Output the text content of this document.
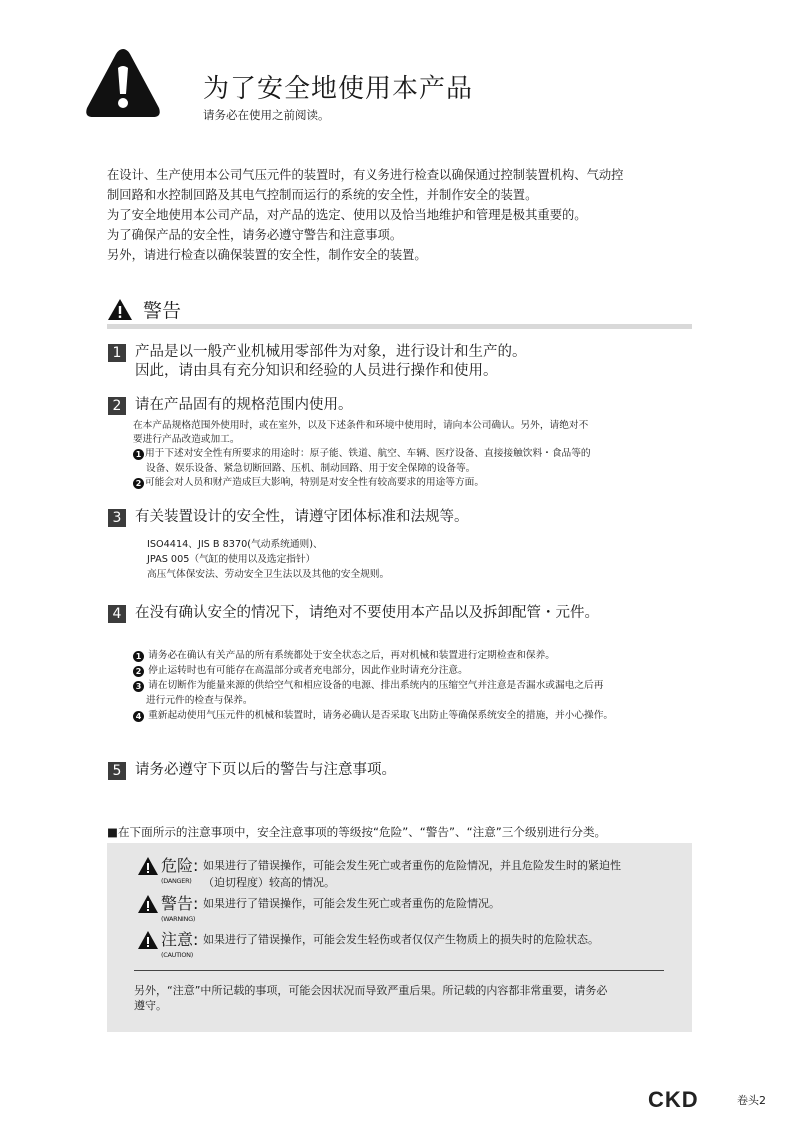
为了安全地使用本产品
请务必在使用之前阅读。
在设计、生产使用本公司气压元件的装置时，有义务进行检查以确保通过控制装置机构、气动控
制回路和水控制回路及其电气控制而运行的系统的安全性，并制作安全的装置。
为了安全地使用本公司产品，对产品的选定、使用以及恰当地维护和管理是极其重要的。
为了确保产品的安全性，请务必遵守警告和注意事项。
另外，请进行检查以确保装置的安全性，制作安全的装置。
警告
1 产品是以一般产业机械用零部件为对象，进行设计和生产的。
因此，请由具有充分知识和经验的人员进行操作和使用。
2 请在产品固有的规格范围内使用。
在本产品规格范围外使用时，或在室外，以及下述条件和环境中使用时，请向本公司确认。另外，请绝对不
要进行产品改造或加工。
1 用于下述对安全性有所要求的用途时：原子能、铁道、航空、车辆、医疗设备、直接接触饮料・食品等的
设备、娱乐设备、紧急切断回路、压机、制动回路、用于安全保障的设备等。
2 可能会对人员和财产造成巨大影响，特别是对安全性有较高要求的用途等方面。
3 有关装置设计的安全性，请遵守团体标准和法规等。
ISO4414、JIS B 8370(气动系统通则)、
JPAS 005（气缸的使用以及选定指针）
高压气体保安法、劳动安全卫生法以及其他的安全规则。
4 在没有确认安全的情况下，请绝对不要使用本产品以及拆卸配管・元件。
1 请务必在确认有关产品的所有系统都处于安全状态之后，再对机械和装置进行定期检查和保养。
2 停止运转时也有可能存在高温部分或者充电部分，因此作业时请充分注意。
3 请在切断作为能量来源的供给空气和相应设备的电源、排出系统内的压缩空气并注意是否漏水或漏电之后再
进行元件的检查与保养。
4 重新起动使用气压元件的机械和装置时，请务必确认是否采取飞出防止等确保系统安全的措施，并小心操作。
5 请务必遵守下页以后的警告与注意事项。
■在下面所示的注意事项中，安全注意事项的等级按“危险”、“警告”、“注意”三个级别进行分类。
危险:
(DANGER)
如果进行了错误操作，可能会发生死亡或者重伤的危险情况，并且危险发生时的紧迫性
（迫切程度）较高的情况。
警告:
(WARNING)
如果进行了错误操作，可能会发生死亡或者重伤的危险情况。
注意:
(CAUTION)
如果进行了错误操作，可能会发生轻伤或者仅仅产生物质上的损失时的危险状态。
另外，“注意”中所记载的事项，可能会因状况而导致严重后果。所记载的内容都非常重要，请务必
遵守。
CKD	卷头2
